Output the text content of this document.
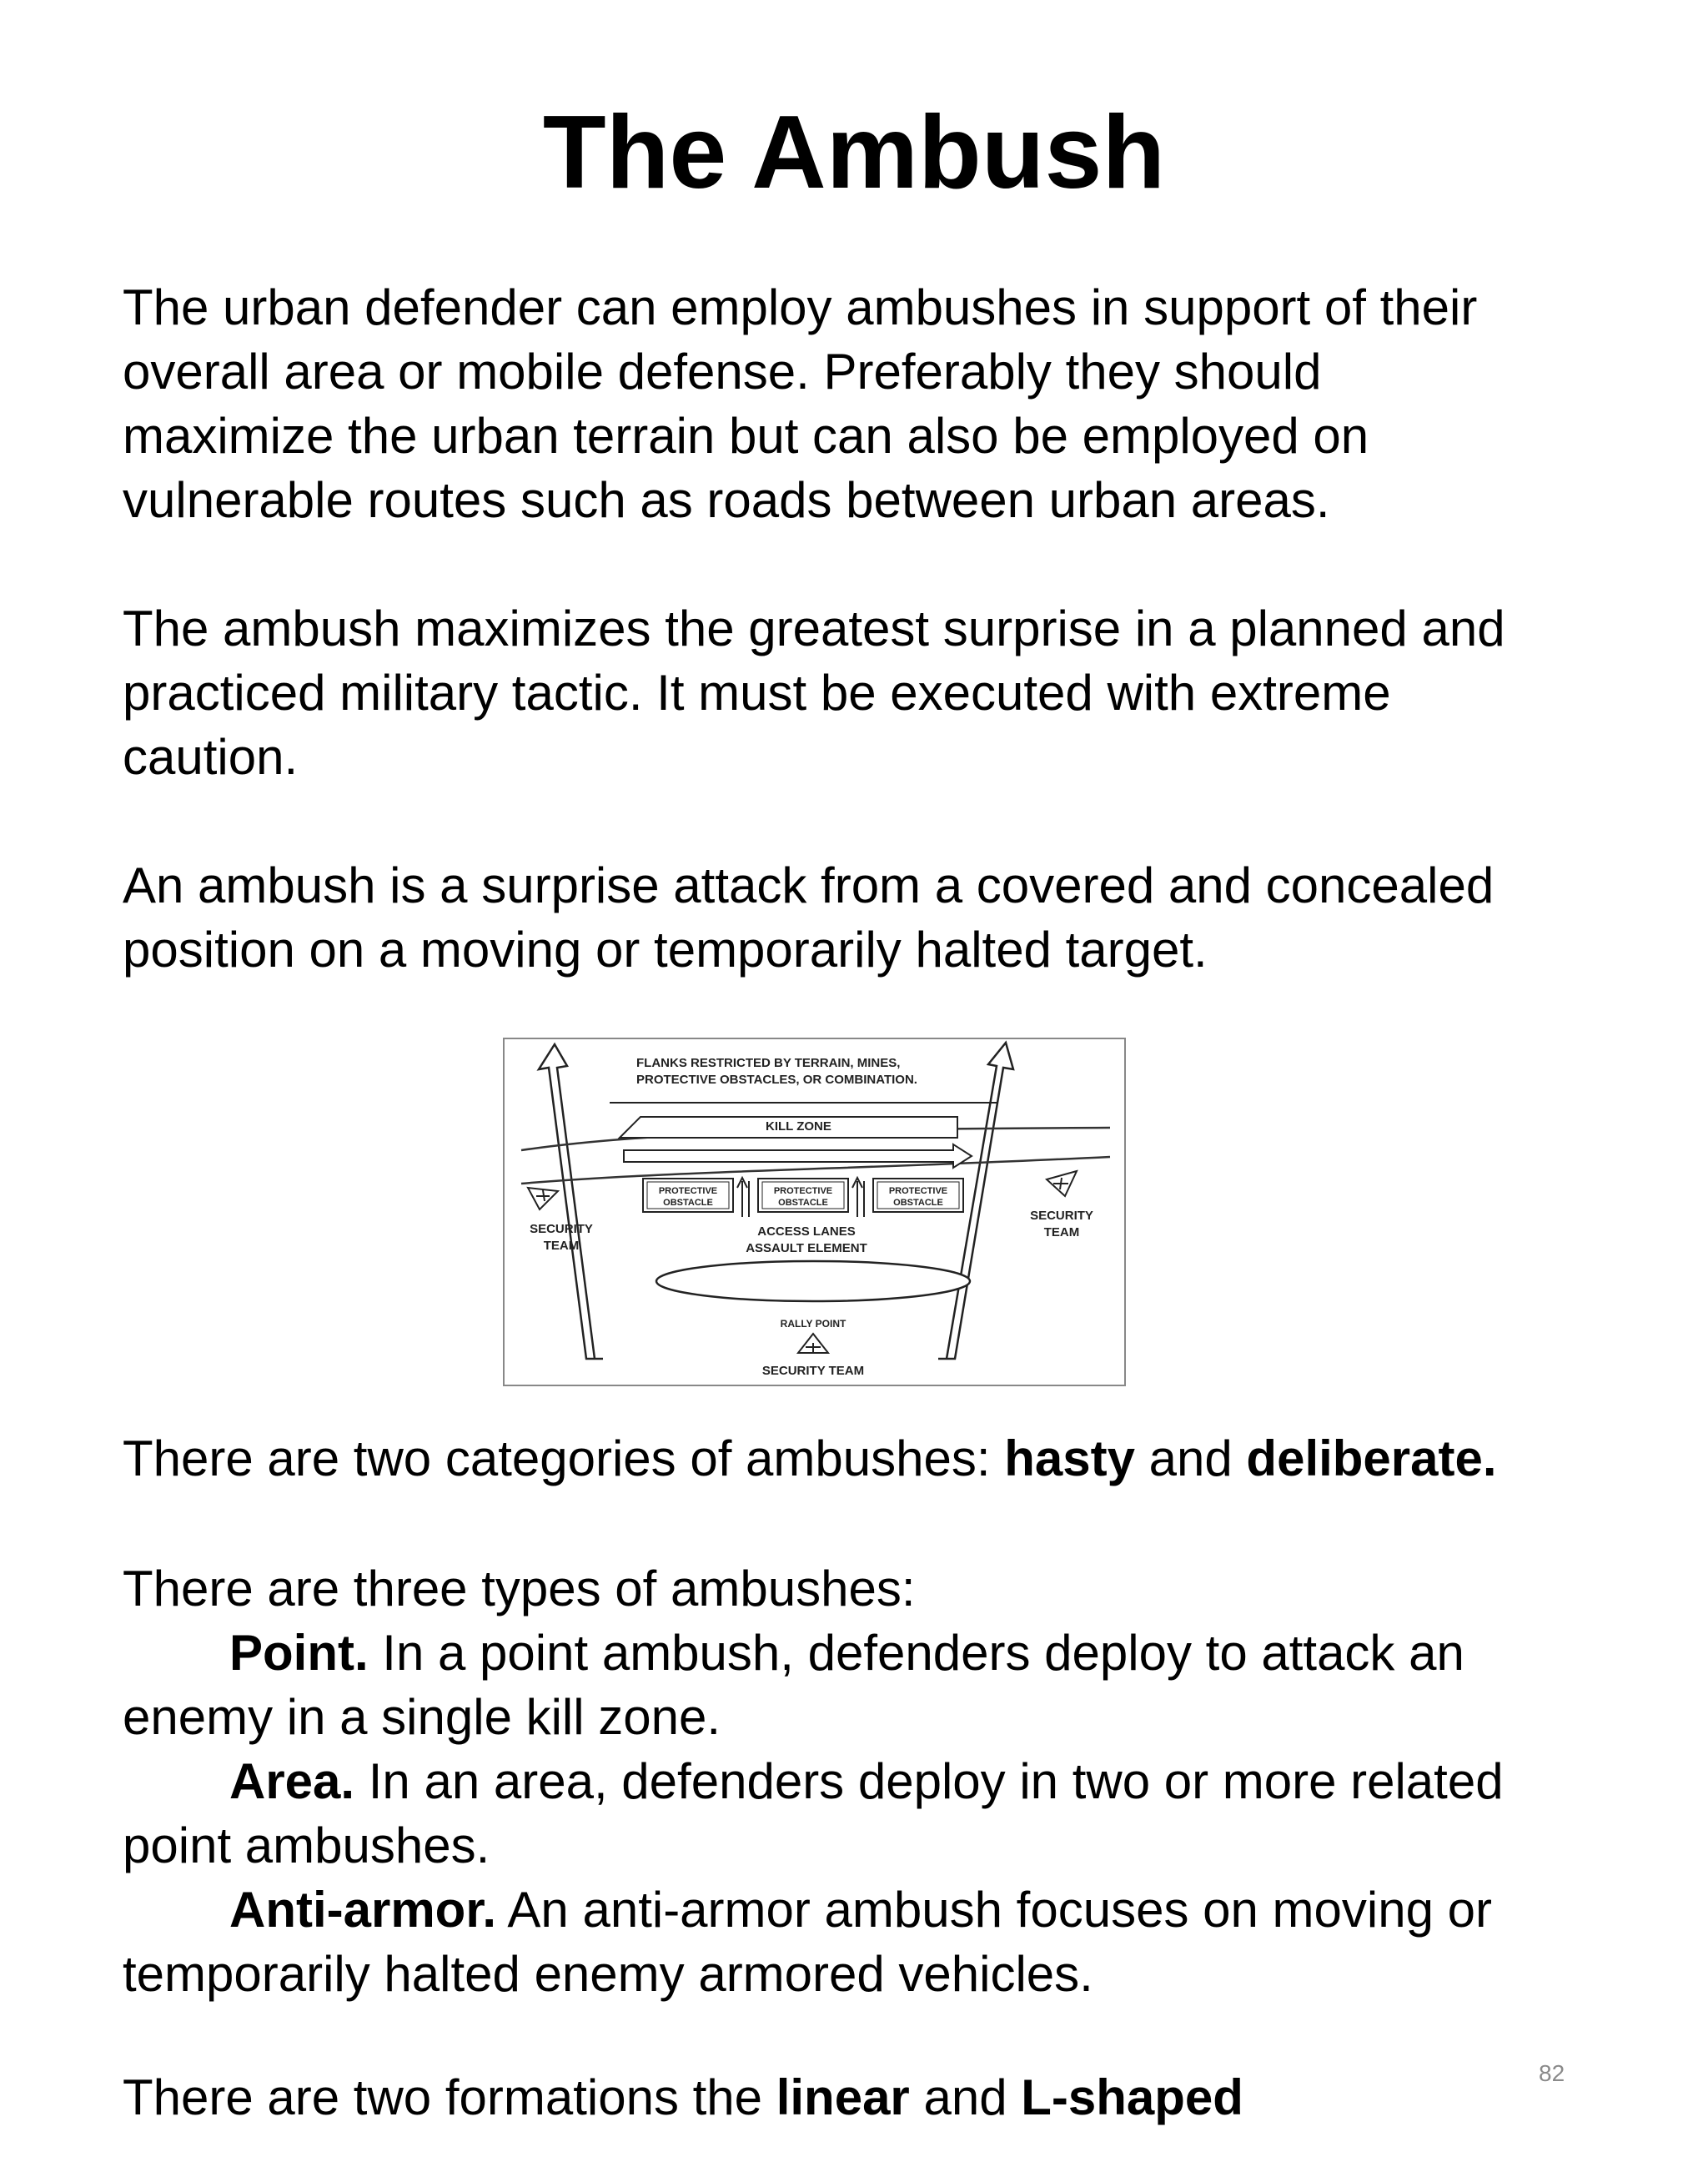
The Ambush
The urban defender can employ ambushes in support of their
overall area or mobile defense. Preferably they should
maximize the urban terrain but can also be employed on
vulnerable routes such as roads between urban areas.
The ambush maximizes the greatest surprise in a planned and
practiced military tactic. It must be executed with extreme
caution.
An ambush is a surprise attack from a covered and concealed
position on a moving or temporarily halted target.
FLANKS RESTRICTED BY TERRAIN, MINES,
PROTECTIVE OBSTACLES, OR COMBINATION.
KILL ZONE
PROTECTIVE
OBSTACLE
PROTECTIVE
OBSTACLE
PROTECTIVE
OBSTACLE
ACCESS LANES
ASSAULT ELEMENT
RALLY POINT
SECURITY TEAM
SECURITY
TEAM
SECURITY
TEAM
There are two categories of ambushes: hasty and deliberate.
There are three types of ambushes:
Point. In a point ambush, defenders deploy to attack an
enemy in a single kill zone.
Area. In an area, defenders deploy in two or more related
point ambushes.
Anti-armor. An anti-armor ambush focuses on moving or
temporarily halted enemy armored vehicles.
82
There are two formations the linear and L-shaped
